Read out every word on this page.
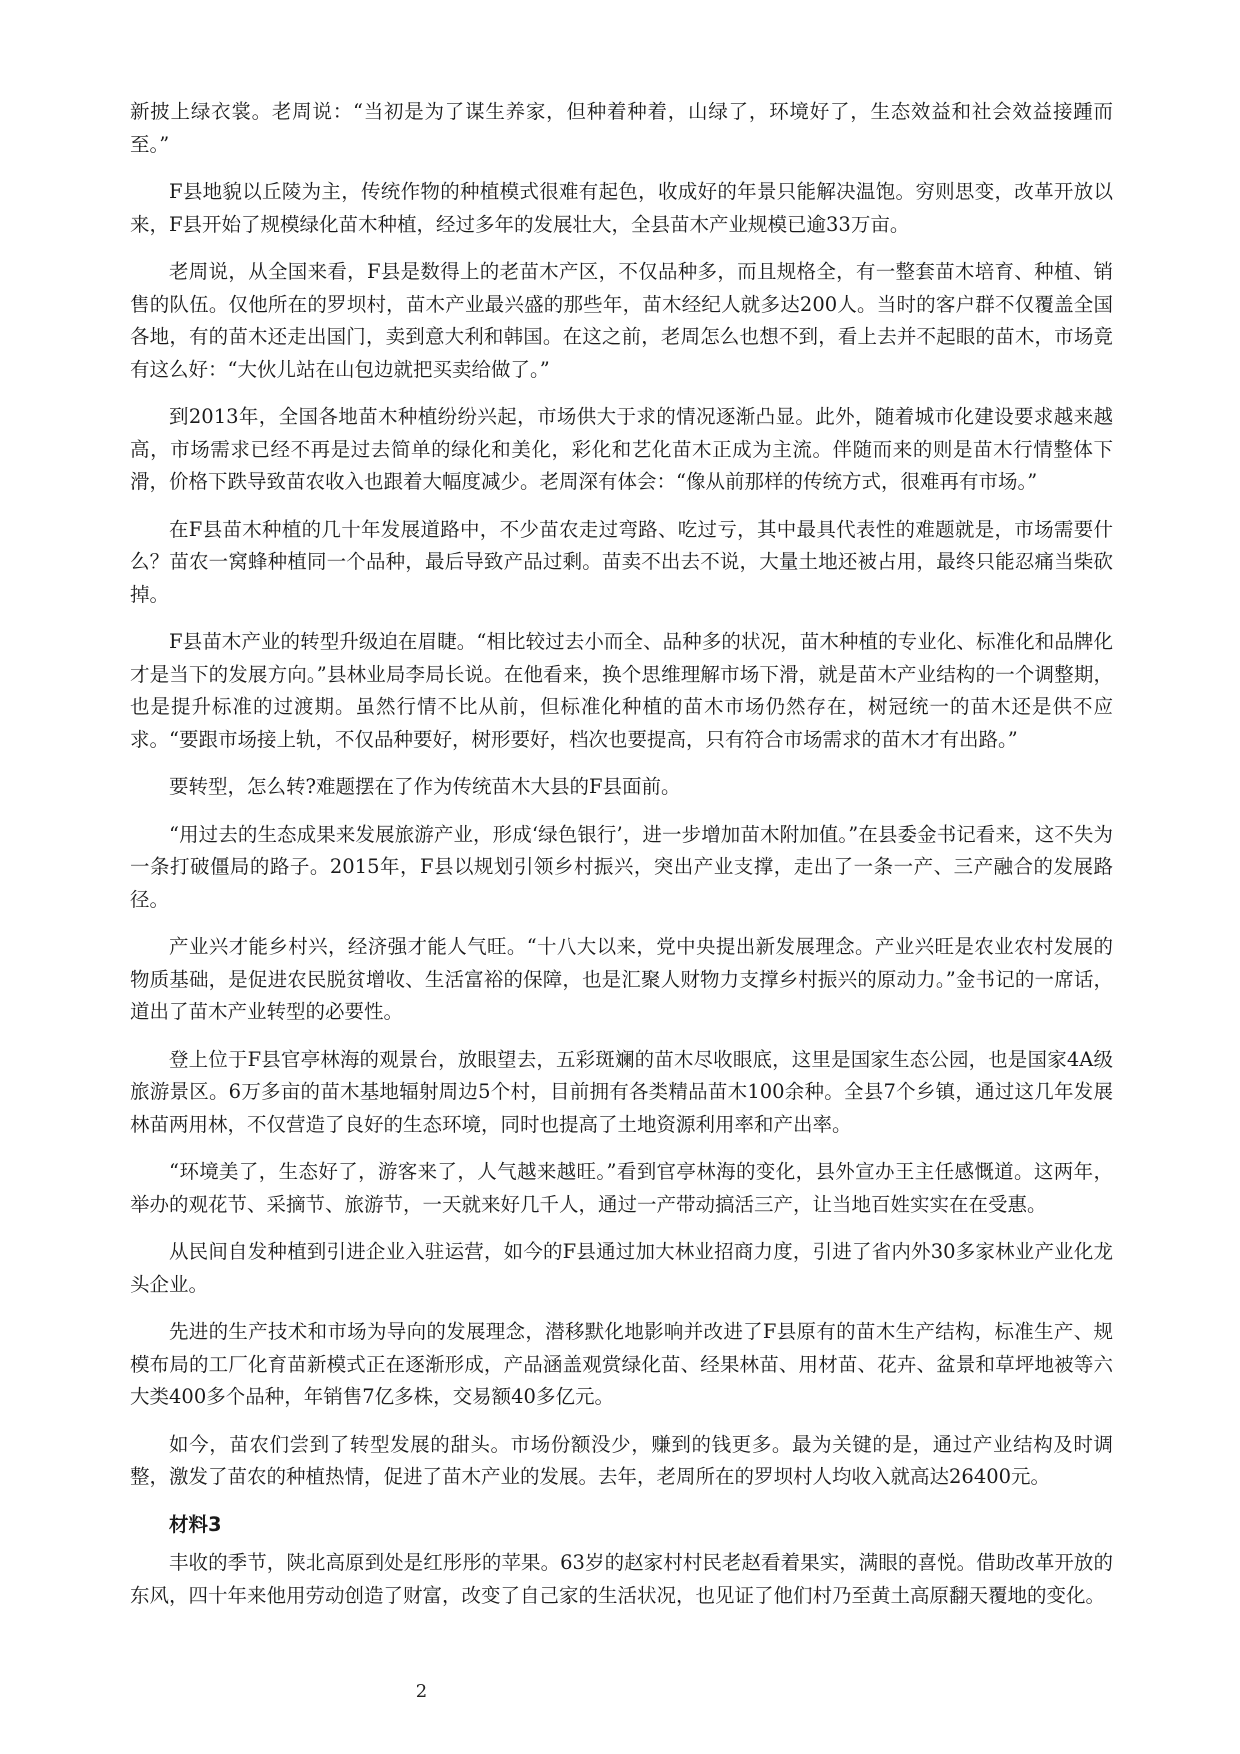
新披上绿衣裳。老周说：“当初是为了谋生养家，但种着种着，山绿了，环境好了，生态效益和社会效益接踵而至。”

F县地貌以丘陵为主，传统作物的种植模式很难有起色，收成好的年景只能解决温饱。穷则思变，改革开放以来，F县开始了规模绿化苗木种植，经过多年的发展壮大，全县苗木产业规模已逾33万亩。

老周说，从全国来看，F县是数得上的老苗木产区，不仅品种多，而且规格全，有一整套苗木培育、种植、销售的队伍。仅他所在的罗坝村，苗木产业最兴盛的那些年，苗木经纪人就多达200人。当时的客户群不仅覆盖全国各地，有的苗木还走出国门，卖到意大利和韩国。在这之前，老周怎么也想不到，看上去并不起眼的苗木，市场竟有这么好：“大伙儿站在山包边就把买卖给做了。”

到2013年，全国各地苗木种植纷纷兴起，市场供大于求的情况逐渐凸显。此外，随着城市化建设要求越来越高，市场需求已经不再是过去简单的绿化和美化，彩化和艺化苗木正成为主流。伴随而来的则是苗木行情整体下滑，价格下跌导致苗农收入也跟着大幅度减少。老周深有体会：“像从前那样的传统方式，很难再有市场。”

在F县苗木种植的几十年发展道路中，不少苗农走过弯路、吃过亏，其中最具代表性的难题就是，市场需要什么？苗农一窝蜂种植同一个品种，最后导致产品过剩。苗卖不出去不说，大量土地还被占用，最终只能忍痛当柴砍掉。

F县苗木产业的转型升级迫在眉睫。“相比较过去小而全、品种多的状况，苗木种植的专业化、标准化和品牌化才是当下的发展方向。”县林业局李局长说。在他看来，换个思维理解市场下滑，就是苗木产业结构的一个调整期，也是提升标准的过渡期。虽然行情不比从前，但标准化种植的苗木市场仍然存在，树冠统一的苗木还是供不应求。“要跟市场接上轨，不仅品种要好，树形要好，档次也要提高，只有符合市场需求的苗木才有出路。”

要转型，怎么转?难题摆在了作为传统苗木大县的F县面前。

“用过去的生态成果来发展旅游产业，形成‘绿色银行’，进一步增加苗木附加值。”在县委金书记看来，这不失为一条打破僵局的路子。2015年，F县以规划引领乡村振兴，突出产业支撑，走出了一条一产、三产融合的发展路径。

产业兴才能乡村兴，经济强才能人气旺。“十八大以来，党中央提出新发展理念。产业兴旺是农业农村发展的物质基础，是促进农民脱贫增收、生活富裕的保障，也是汇聚人财物力支撑乡村振兴的原动力。”金书记的一席话，道出了苗木产业转型的必要性。

登上位于F县官亭林海的观景台，放眼望去，五彩斑斓的苗木尽收眼底，这里是国家生态公园，也是国家4A级旅游景区。6万多亩的苗木基地辐射周边5个村，目前拥有各类精品苗木100余种。全县7个乡镇，通过这几年发展林苗两用林，不仅营造了良好的生态环境，同时也提高了土地资源利用率和产出率。

“环境美了，生态好了，游客来了，人气越来越旺。”看到官亭林海的变化，县外宣办王主任感慨道。这两年，举办的观花节、采摘节、旅游节，一天就来好几千人，通过一产带动搞活三产，让当地百姓实实在在受惠。

从民间自发种植到引进企业入驻运营，如今的F县通过加大林业招商力度，引进了省内外30多家林业产业化龙头企业。

先进的生产技术和市场为导向的发展理念，潜移默化地影响并改进了F县原有的苗木生产结构，标准生产、规模布局的工厂化育苗新模式正在逐渐形成，产品涵盖观赏绿化苗、经果林苗、用材苗、花卉、盆景和草坪地被等六大类400多个品种，年销售7亿多株，交易额40多亿元。

如今，苗农们尝到了转型发展的甜头。市场份额没少，赚到的钱更多。最为关键的是，通过产业结构及时调整，激发了苗农的种植热情，促进了苗木产业的发展。去年，老周所在的罗坝村人均收入就高达26400元。

材料3

丰收的季节，陕北高原到处是红彤彤的苹果。63岁的赵家村村民老赵看着果实，满眼的喜悦。借助改革开放的东风，四十年来他用劳动创造了财富，改变了自己家的生活状况，也见证了他们村乃至黄土高原翻天覆地的变化。

2
